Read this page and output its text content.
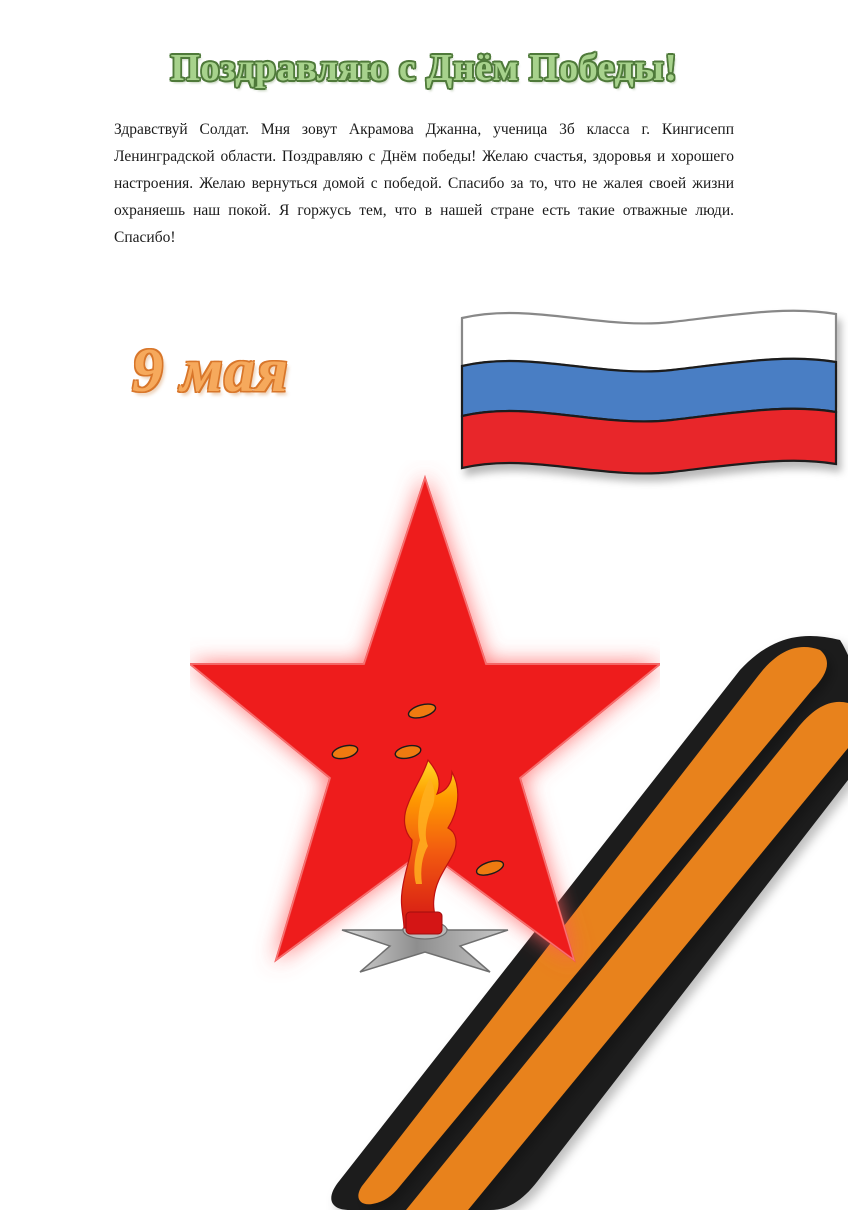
Поздравляю с Днём Победы!
Здравствуй Солдат. Мня зовут Акрамова Джанна, ученица 3б класса г. Кингисепп Ленинградской области. Поздравляю с Днём победы! Желаю счастья, здоровья и хорошего настроения. Желаю вернуться домой с победой. Спасибо за то, что не жалея своей жизни охраняешь наш покой. Я горжусь тем, что в нашей стране есть такие отважные люди. Спасибо!
9 мая
